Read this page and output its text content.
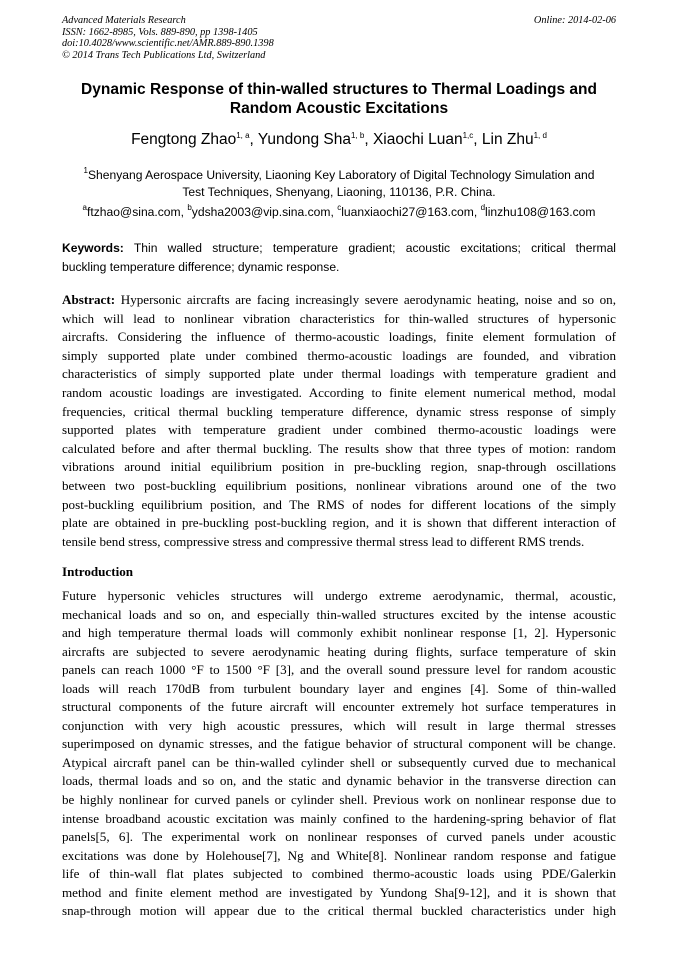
Advanced Materials Research
ISSN: 1662-8985, Vols. 889-890, pp 1398-1405
doi:10.4028/www.scientific.net/AMR.889-890.1398
© 2014 Trans Tech Publications Ltd, Switzerland
Online: 2014-02-06
Dynamic Response of thin-walled structures to Thermal Loadings and
Random Acoustic Excitations
Fengtong Zhao$^{1, a}$, Yundong Sha$^{1, b}$, Xiaochi Luan$^{1,c}$, Lin Zhu$^{1, d}$
$^1$Shenyang Aerospace University, Liaoning Key Laboratory of Digital Technology Simulation and
Test Techniques, Shenyang, Liaoning, 110136, P.R. China.
$^a$ftzhao@sina.com, $^b$ydsha2003@vip.sina.com, $^c$luanxiaochi27@163.com, $^d$linzhu108@163.com
Keywords: Thin walled structure; temperature gradient; acoustic excitations; critical thermal
buckling temperature difference; dynamic response.
Abstract: Hypersonic aircrafts are facing increasingly severe aerodynamic heating, noise and so on,
which will lead to nonlinear vibration characteristics for thin-walled structures of hypersonic
aircrafts. Considering the influence of thermo-acoustic loadings, finite element formulation of
simply supported plate under combined thermo-acoustic loadings are founded, and vibration
characteristics of simply supported plate under thermal loadings with temperature gradient and
random acoustic loadings are investigated. According to finite element numerical method, modal
frequencies, critical thermal buckling temperature difference, dynamic stress response of simply
supported plates with temperature gradient under combined thermo-acoustic loadings were
calculated before and after thermal buckling. The results show that three types of motion: random
vibrations around initial equilibrium position in pre-buckling region, snap-through oscillations
between two post-buckling equilibrium positions, nonlinear vibrations around one of the two
post-buckling equilibrium position, and The RMS of nodes for different locations of the simply
plate are obtained in pre-buckling post-buckling region, and it is shown that different interaction of
tensile bend stress, compressive stress and compressive thermal stress lead to different RMS trends.
Introduction
Future hypersonic vehicles structures will undergo extreme aerodynamic, thermal, acoustic,
mechanical loads and so on, and especially thin-walled structures excited by the intense acoustic
and high temperature thermal loads will commonly exhibit nonlinear response [1, 2]. Hypersonic
aircrafts are subjected to severe aerodynamic heating during flights, surface temperature of skin
panels can reach 1000 °F to 1500 °F [3], and the overall sound pressure level for random acoustic
loads will reach 170dB from turbulent boundary layer and engines [4]. Some of thin-walled
structural components of the future aircraft will encounter extremely hot surface temperatures in
conjunction with very high acoustic pressures, which will result in large thermal stresses
superimposed on dynamic stresses, and the fatigue behavior of structural component will be change.
Atypical aircraft panel can be thin-walled cylinder shell or subsequently curved due to mechanical
loads, thermal loads and so on, and the static and dynamic behavior in the transverse direction can
be highly nonlinear for curved panels or cylinder shell. Previous work on nonlinear response due to
intense broadband acoustic excitation was mainly confined to the hardening-spring behavior of flat
panels[5, 6]. The experimental work on nonlinear responses of curved panels under acoustic
excitations was done by Holehouse[7], Ng and White[8]. Nonlinear random response and fatigue
life of thin-wall flat plates subjected to combined thermo-acoustic loads using PDE/Galerkin
method and finite element method are investigated by Yundong Sha[9-12], and it is shown that
snap-through motion will appear due to the critical thermal buckled characteristics under high
